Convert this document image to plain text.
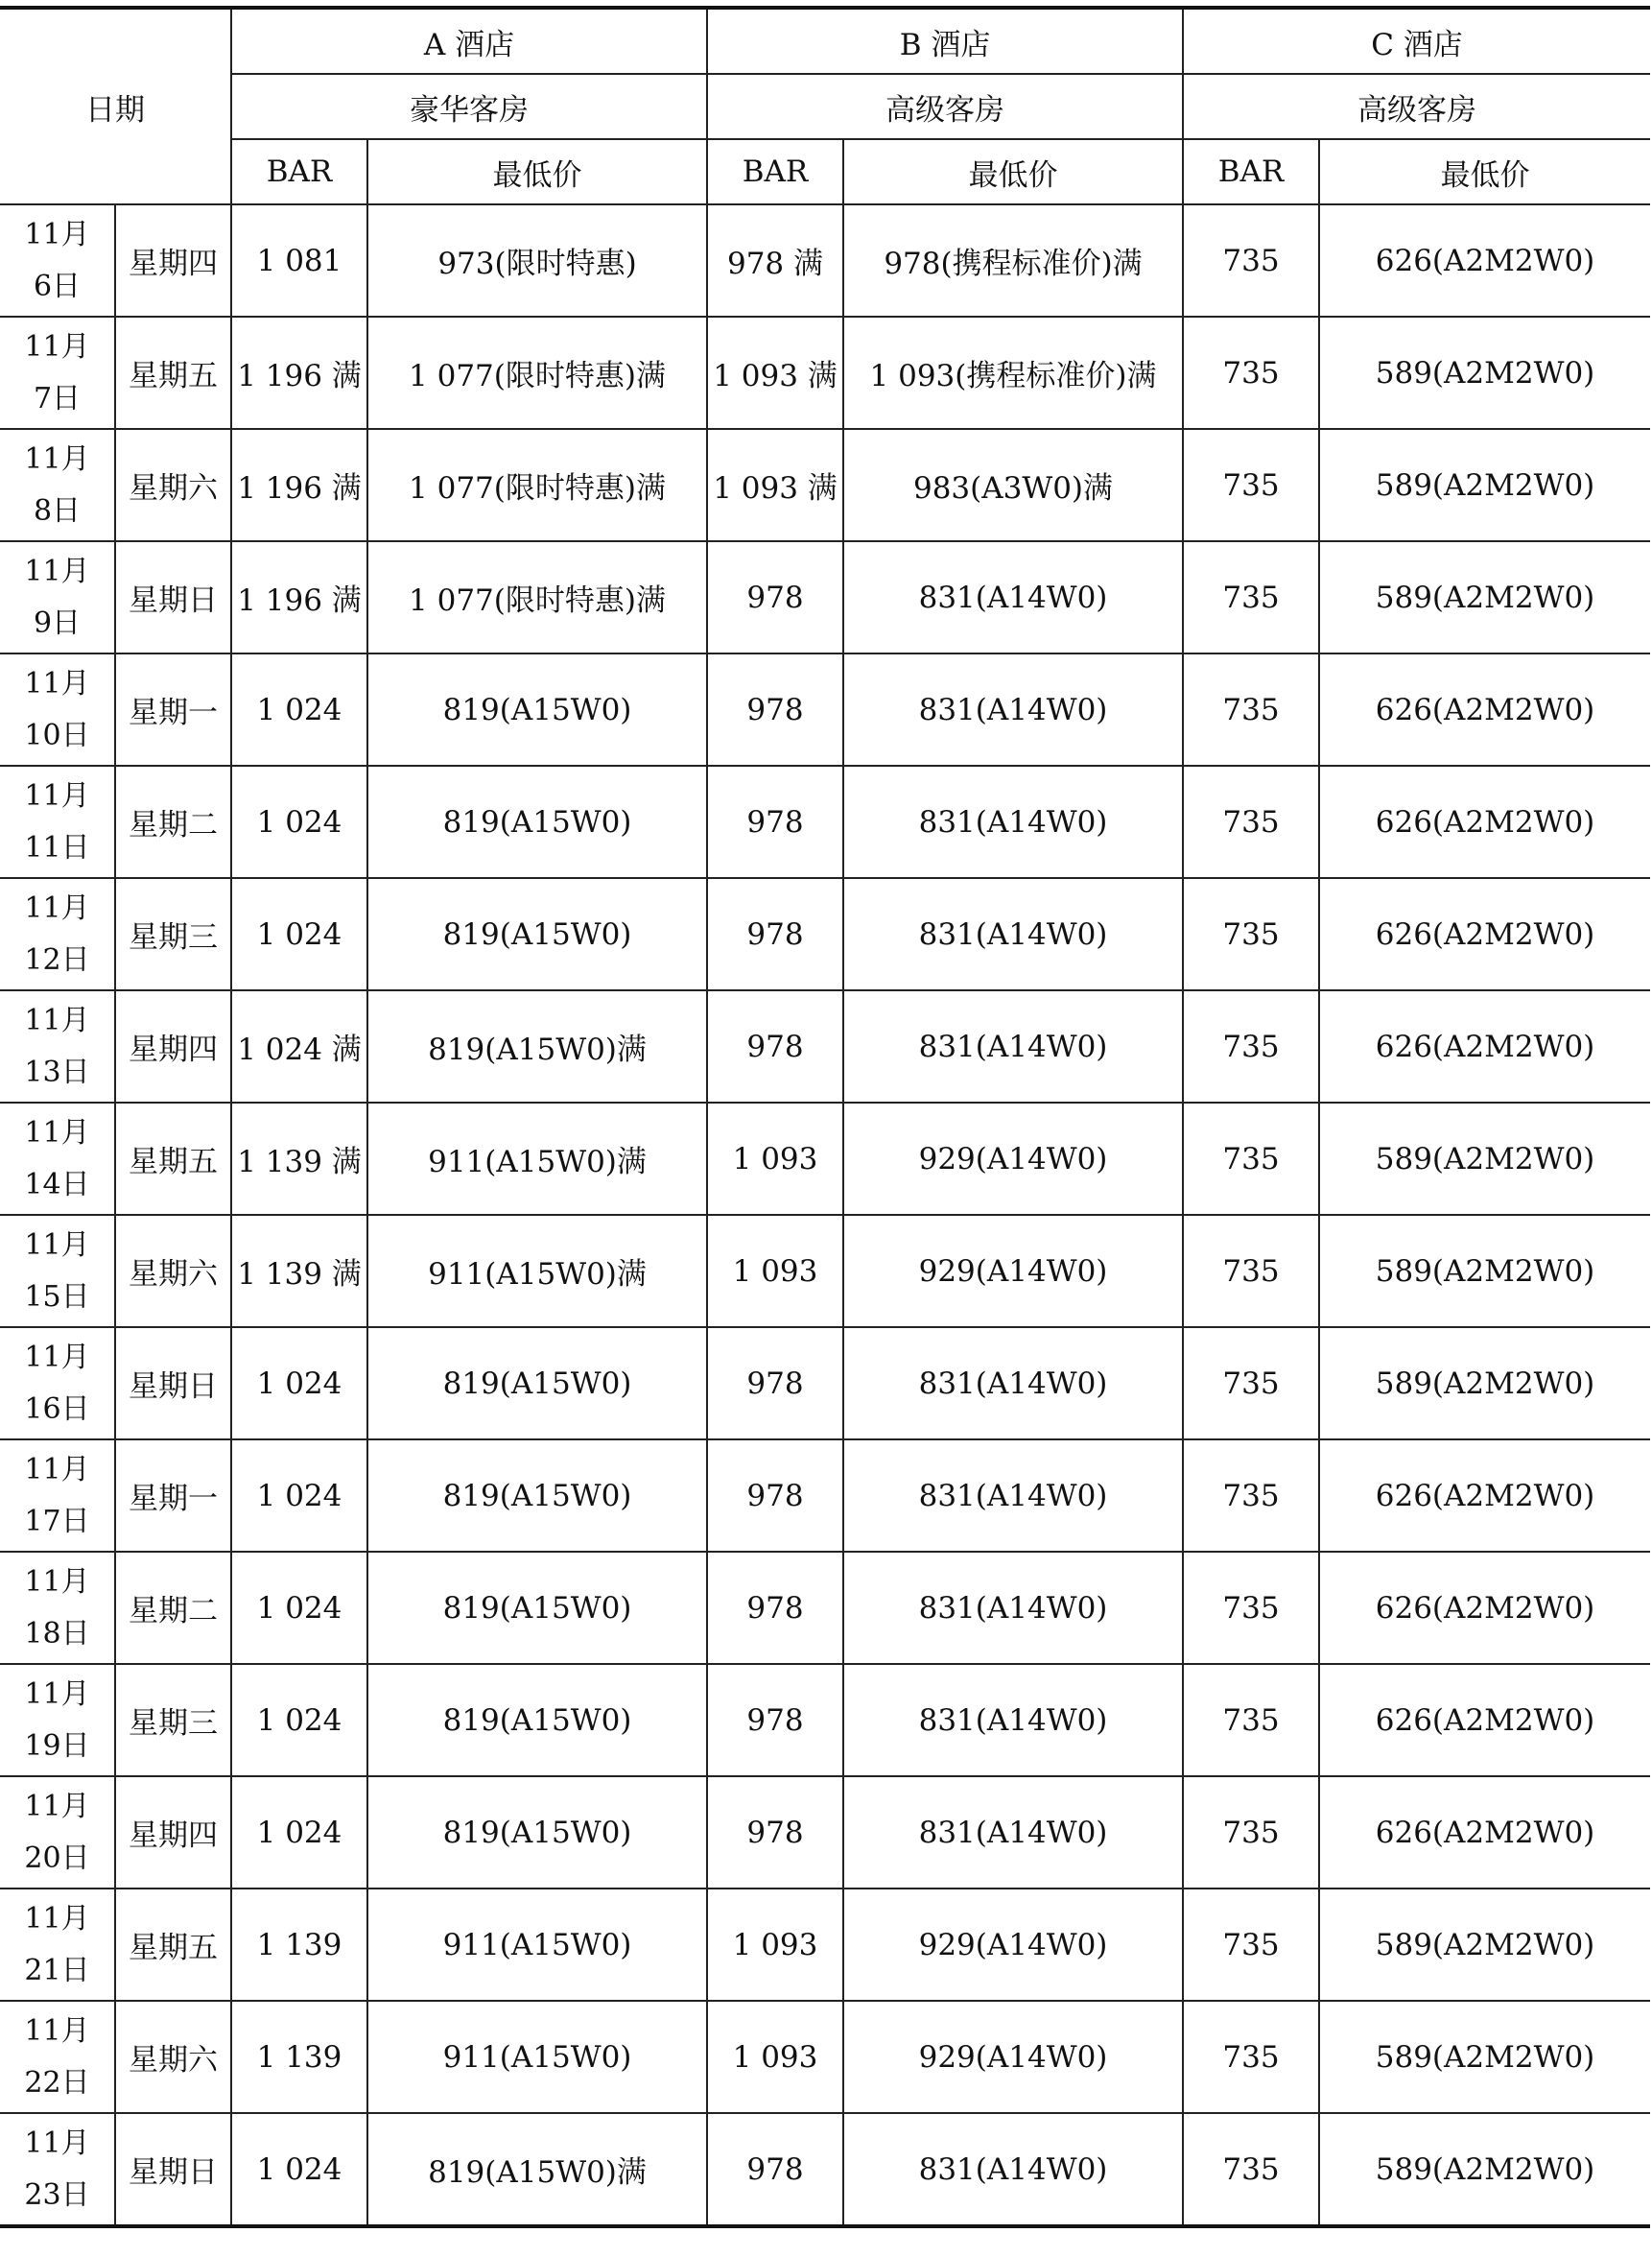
日期		A 酒店		B 酒店		C 酒店	
		豪华客房		高级客房		高级客房	
		BAR	最低价	BAR	最低价	BAR	最低价

11月
6日	星期四	1 081	973(限时特惠)	978 满	978(携程标准价)满	735	626(A2M2W0)

11月
7日	星期五	1 196 满	1 077(限时特惠)满	1 093 满	1 093(携程标准价)满	735	589(A2M2W0)

11月
8日	星期六	1 196 满	1 077(限时特惠)满	1 093 满	983(A3W0)满	735	589(A2M2W0)

11月
9日	星期日	1 196 满	1 077(限时特惠)满	978	831(A14W0)	735	589(A2M2W0)

11月
10日	星期一	1 024	819(A15W0)	978	831(A14W0)	735	626(A2M2W0)

11月
11日	星期二	1 024	819(A15W0)	978	831(A14W0)	735	626(A2M2W0)

11月
12日	星期三	1 024	819(A15W0)	978	831(A14W0)	735	626(A2M2W0)

11月
13日	星期四	1 024 满	819(A15W0)满	978	831(A14W0)	735	626(A2M2W0)

11月
14日	星期五	1 139 满	911(A15W0)满	1 093	929(A14W0)	735	589(A2M2W0)

11月
15日	星期六	1 139 满	911(A15W0)满	1 093	929(A14W0)	735	589(A2M2W0)

11月
16日	星期日	1 024	819(A15W0)	978	831(A14W0)	735	589(A2M2W0)

11月
17日	星期一	1 024	819(A15W0)	978	831(A14W0)	735	626(A2M2W0)

11月
18日	星期二	1 024	819(A15W0)	978	831(A14W0)	735	626(A2M2W0)

11月
19日	星期三	1 024	819(A15W0)	978	831(A14W0)	735	626(A2M2W0)

11月
20日	星期四	1 024	819(A15W0)	978	831(A14W0)	735	626(A2M2W0)

11月
21日	星期五	1 139	911(A15W0)	1 093	929(A14W0)	735	589(A2M2W0)

11月
22日	星期六	1 139	911(A15W0)	1 093	929(A14W0)	735	589(A2M2W0)

11月
23日	星期日	1 024	819(A15W0)满	978	831(A14W0)	735	589(A2M2W0)
